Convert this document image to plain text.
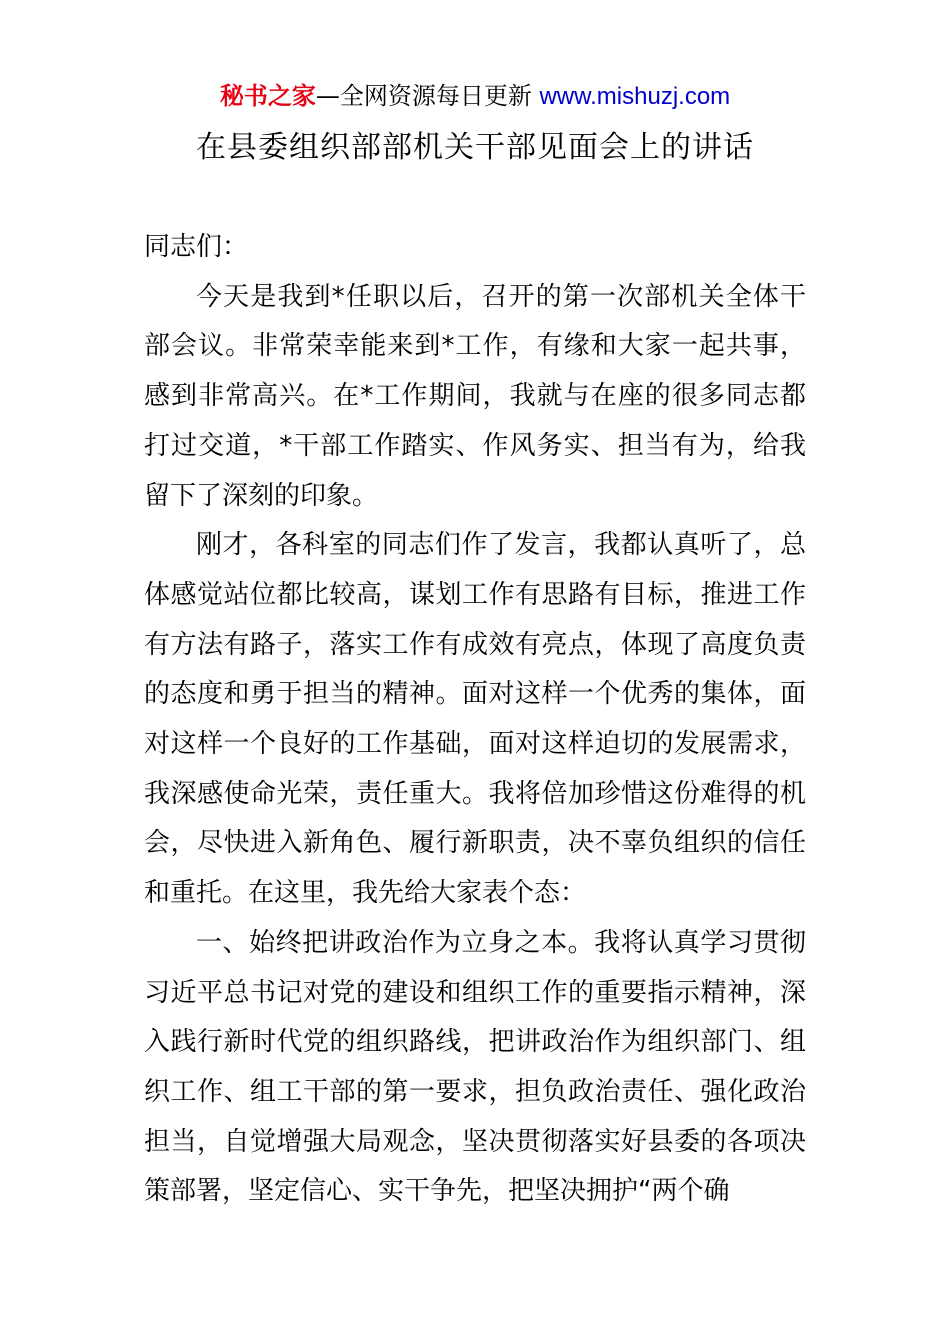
秘书之家—全网资源每日更新 www.mishuzj.com
在县委组织部部机关干部见面会上的讲话

同志们：

今天是我到*任职以后，召开的第一次部机关全体干部会议。非常荣幸能来到*工作，有缘和大家一起共事，感到非常高兴。在*工作期间，我就与在座的很多同志都打过交道，*干部工作踏实、作风务实、担当有为，给我留下了深刻的印象。

刚才，各科室的同志们作了发言，我都认真听了，总体感觉站位都比较高，谋划工作有思路有目标，推进工作有方法有路子，落实工作有成效有亮点，体现了高度负责的态度和勇于担当的精神。面对这样一个优秀的集体，面对这样一个良好的工作基础，面对这样迫切的发展需求，我深感使命光荣，责任重大。我将倍加珍惜这份难得的机会，尽快进入新角色、履行新职责，决不辜负组织的信任和重托。在这里，我先给大家表个态：

一、始终把讲政治作为立身之本。我将认真学习贯彻习近平总书记对党的建设和组织工作的重要指示精神，深入践行新时代党的组织路线，把讲政治作为组织部门、组织工作、组工干部的第一要求，担负政治责任、强化政治担当，自觉增强大局观念，坚决贯彻落实好县委的各项决策部署，坚定信心、实干争先，把坚决拥护“两个确
